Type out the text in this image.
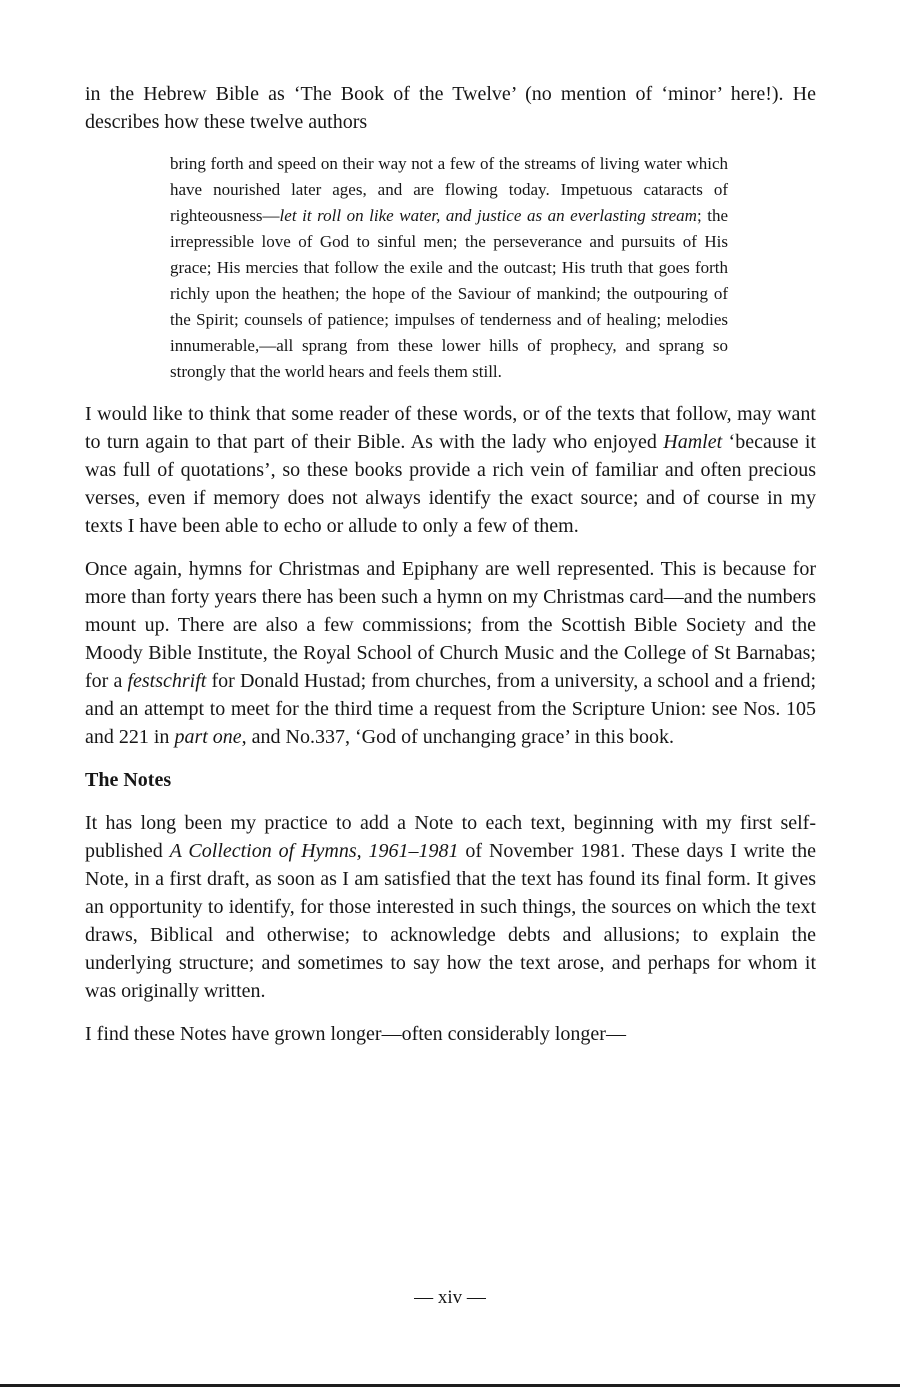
in the Hebrew Bible as ‘The Book of the Twelve’ (no mention of ‘minor’ here!). He describes how these twelve authors

bring forth and speed on their way not a few of the streams of living water which have nourished later ages, and are flowing today. Impetuous cataracts of righteousness—let it roll on like water, and justice as an everlasting stream; the irrepressible love of God to sinful men; the perseverance and pursuits of His grace; His mercies that follow the exile and the outcast; His truth that goes forth richly upon the heathen; the hope of the Saviour of mankind; the outpouring of the Spirit; counsels of patience; impulses of tenderness and of healing; melodies innumerable,—all sprang from these lower hills of prophecy, and sprang so strongly that the world hears and feels them still.

I would like to think that some reader of these words, or of the texts that follow, may want to turn again to that part of their Bible. As with the lady who enjoyed Hamlet ‘because it was full of quotations’, so these books provide a rich vein of familiar and often precious verses, even if memory does not always identify the exact source; and of course in my texts I have been able to echo or allude to only a few of them.

Once again, hymns for Christmas and Epiphany are well represented. This is because for more than forty years there has been such a hymn on my Christmas card—and the numbers mount up. There are also a few commissions; from the Scottish Bible Society and the Moody Bible Institute, the Royal School of Church Music and the College of St Barnabas; for a festschrift for Donald Hustad; from churches, from a university, a school and a friend; and an attempt to meet for the third time a request from the Scripture Union: see Nos. 105 and 221 in part one, and No.337, ‘God of unchanging grace’ in this book.

The Notes

It has long been my practice to add a Note to each text, beginning with my first self-published A Collection of Hymns, 1961–1981 of November 1981. These days I write the Note, in a first draft, as soon as I am satisfied that the text has found its final form. It gives an opportunity to identify, for those interested in such things, the sources on which the text draws, Biblical and otherwise; to acknowledge debts and allusions; to explain the underlying structure; and sometimes to say how the text arose, and perhaps for whom it was originally written.

I find these Notes have grown longer—often considerably longer—

— xiv —
